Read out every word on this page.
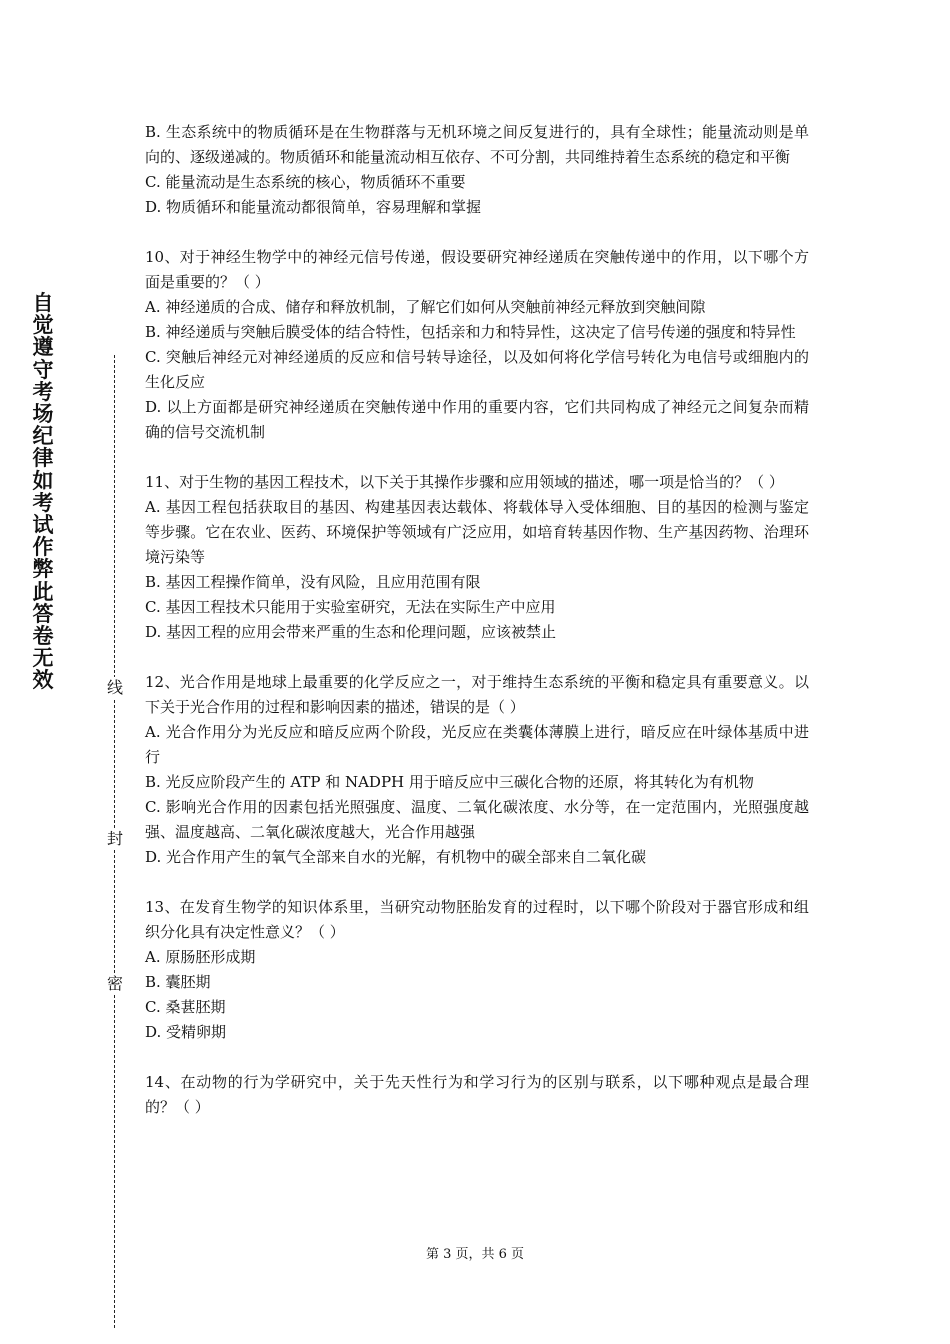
自觉遵守考场纪律如考试作弊此答卷无效	线
封
密

B. 生态系统中的物质循环是在生物群落与无机环境之间反复进行的，具有全球性；能量流动则是单向的、逐级递减的。物质循环和能量流动相互依存、不可分割，共同维持着生态系统的稳定和平衡

C. 能量流动是生态系统的核心，物质循环不重要

D. 物质循环和能量流动都很简单，容易理解和掌握

10、对于神经生物学中的神经元信号传递，假设要研究神经递质在突触传递中的作用，以下哪个方面是重要的？（ ）

A. 神经递质的合成、储存和释放机制，了解它们如何从突触前神经元释放到突触间隙

B. 神经递质与突触后膜受体的结合特性，包括亲和力和特异性，这决定了信号传递的强度和特异性

C. 突触后神经元对神经递质的反应和信号转导途径，以及如何将化学信号转化为电信号或细胞内的生化反应

D. 以上方面都是研究神经递质在突触传递中作用的重要内容，它们共同构成了神经元之间复杂而精确的信号交流机制

11、对于生物的基因工程技术，以下关于其操作步骤和应用领域的描述，哪一项是恰当的？（ ）

A. 基因工程包括获取目的基因、构建基因表达载体、将载体导入受体细胞、目的基因的检测与鉴定等步骤。它在农业、医药、环境保护等领域有广泛应用，如培育转基因作物、生产基因药物、治理环境污染等

B. 基因工程操作简单，没有风险，且应用范围有限

C. 基因工程技术只能用于实验室研究，无法在实际生产中应用

D. 基因工程的应用会带来严重的生态和伦理问题，应该被禁止

12、光合作用是地球上最重要的化学反应之一，对于维持生态系统的平衡和稳定具有重要意义。以下关于光合作用的过程和影响因素的描述，错误的是（ ）

A. 光合作用分为光反应和暗反应两个阶段，光反应在类囊体薄膜上进行，暗反应在叶绿体基质中进行

B. 光反应阶段产生的 ATP 和 NADPH 用于暗反应中三碳化合物的还原，将其转化为有机物

C. 影响光合作用的因素包括光照强度、温度、二氧化碳浓度、水分等，在一定范围内，光照强度越强、温度越高、二氧化碳浓度越大，光合作用越强

D. 光合作用产生的氧气全部来自水的光解，有机物中的碳全部来自二氧化碳

13、在发育生物学的知识体系里，当研究动物胚胎发育的过程时，以下哪个阶段对于器官形成和组织分化具有决定性意义？（ ）

A. 原肠胚形成期

B. 囊胚期

C. 桑葚胚期

D. 受精卵期

14、在动物的行为学研究中，关于先天性行为和学习行为的区别与联系，以下哪种观点是最合理的？（ ）

第 3 页，共 6 页
